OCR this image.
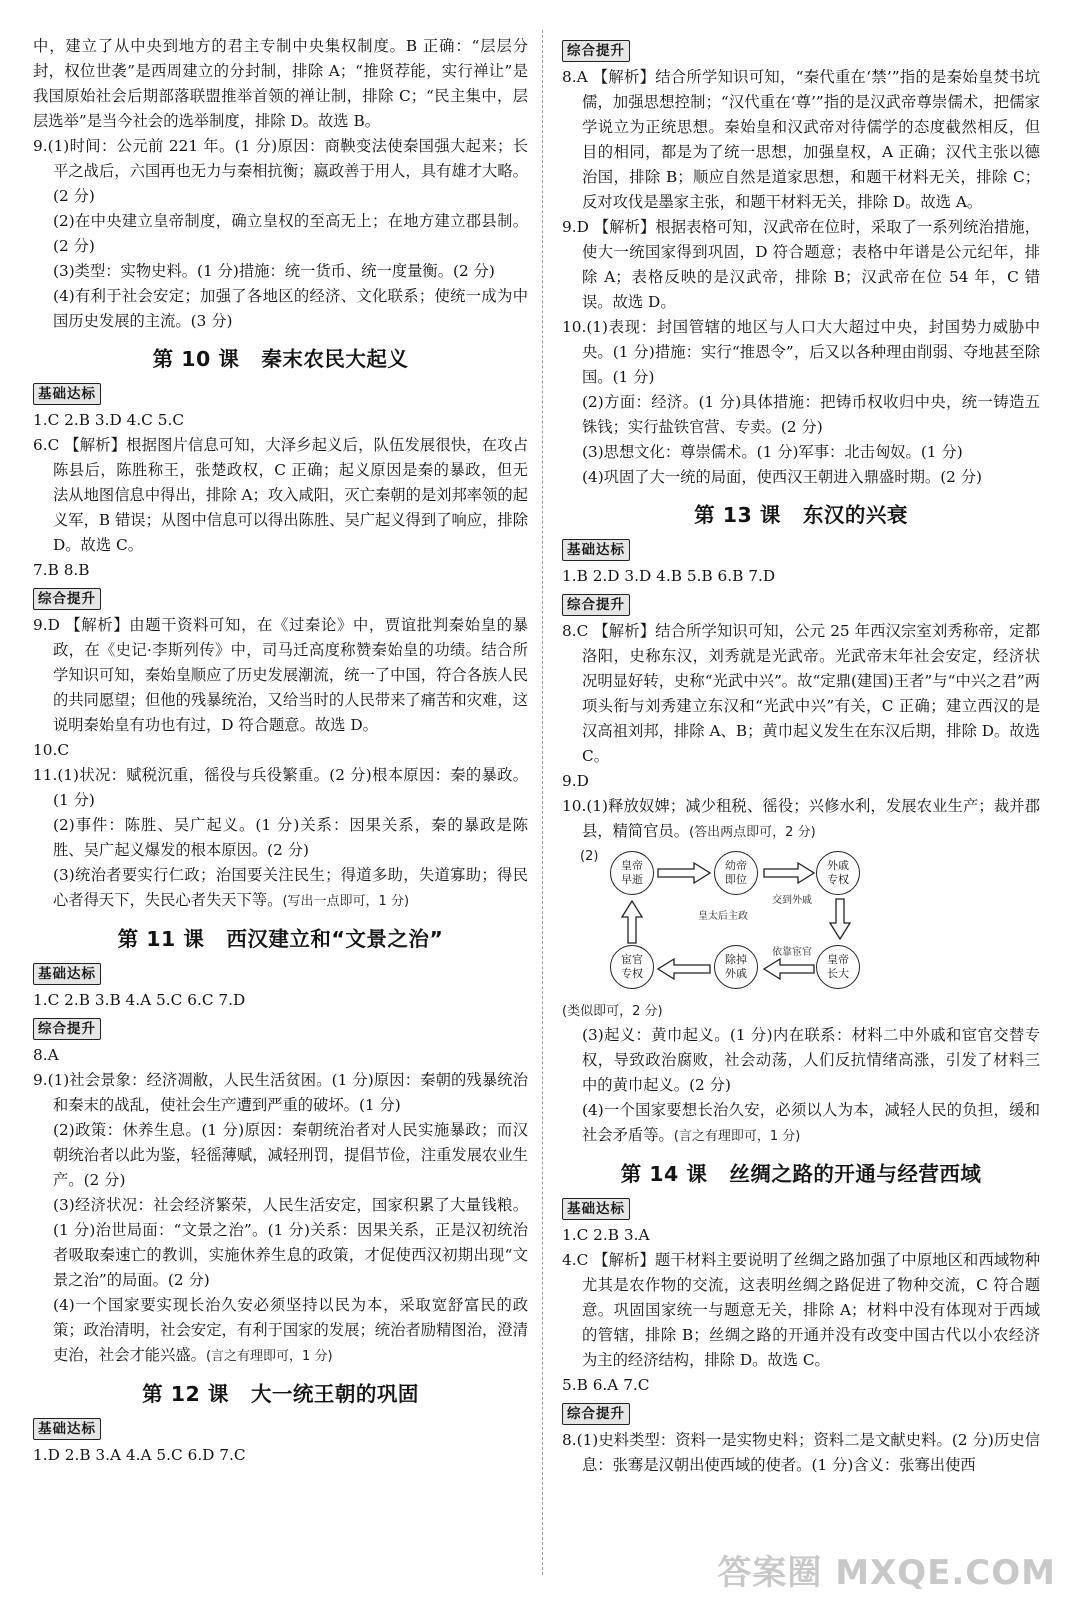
中，建立了从中央到地方的君主专制中央集权制度。B 正确：“层层分封，权位世袭”是西周建立的分封制，排除 A；“推贤荐能，实行禅让”是我国原始社会后期部落联盟推举首领的禅让制，排除 C；“民主集中，层层选举”是当今社会的选举制度，排除 D。故选 B。

9.(1)时间：公元前 221 年。(1 分)原因：商鞅变法使秦国强大起来；长平之战后，六国再也无力与秦相抗衡；嬴政善于用人，具有雄才大略。(2 分)

(2)在中央建立皇帝制度，确立皇权的至高无上；在地方建立郡县制。(2 分)

(3)类型：实物史料。(1 分)措施：统一货币、统一度量衡。(2 分)

(4)有利于社会安定；加强了各地区的经济、文化联系；使统一成为中国历史发展的主流。(3 分)

第 10 课 秦末农民大起义
基础达标

1.C 2.B 3.D 4.C 5.C

6.C 【解析】根据图片信息可知，大泽乡起义后，队伍发展很快，在攻占陈县后，陈胜称王，张楚政权，C 正确；起义原因是秦的暴政，但无法从地图信息中得出，排除 A；攻入咸阳，灭亡秦朝的是刘邦率领的起义军，B 错误；从图中信息可以得出陈胜、吴广起义得到了响应，排除 D。故选 C。

7.B 8.B

综合提升

9.D 【解析】由题干资料可知，在《过秦论》中，贾谊批判秦始皇的暴政，在《史记·李斯列传》中，司马迁高度称赞秦始皇的功绩。结合所学知识可知，秦始皇顺应了历史发展潮流，统一了中国，符合各族人民的共同愿望；但他的残暴统治，又给当时的人民带来了痛苦和灾难，这说明秦始皇有功也有过，D 符合题意。故选 D。

10.C

11.(1)状况：赋税沉重，徭役与兵役繁重。(2 分)根本原因：秦的暴政。(1 分)

(2)事件：陈胜、吴广起义。(1 分)关系：因果关系，秦的暴政是陈胜、吴广起义爆发的根本原因。(2 分)

(3)统治者要实行仁政；治国要关注民生；得道多助，失道寡助；得民心者得天下，失民心者失天下等。(写出一点即可，1 分)

第 11 课 西汉建立和“文景之治”
基础达标

1.C 2.B 3.B 4.A 5.C 6.C 7.D

综合提升

8.A

9.(1)社会景象：经济凋敝，人民生活贫困。(1 分)原因：秦朝的残暴统治和秦末的战乱，使社会生产遭到严重的破坏。(1 分)

(2)政策：休养生息。(1 分)原因：秦朝统治者对人民实施暴政；而汉朝统治者以此为鉴，轻徭薄赋，减轻刑罚，提倡节俭，注重发展农业生产。(2 分)

(3)经济状况：社会经济繁荣，人民生活安定，国家积累了大量钱粮。(1 分)治世局面：“文景之治”。(1 分)关系：因果关系，正是汉初统治者吸取秦速亡的教训，实施休养生息的政策，才促使西汉初期出现“文景之治”的局面。(2 分)

(4)一个国家要实现长治久安必须坚持以民为本，采取宽舒富民的政策；政治清明，社会安定，有利于国家的发展；统治者励精图治，澄清吏治，社会才能兴盛。(言之有理即可，1 分)

第 12 课 大一统王朝的巩固
基础达标

1.D 2.B 3.A 4.A 5.C 6.D 7.C

综合提升

8.A 【解析】结合所学知识可知，“秦代重在‘禁’”指的是秦始皇焚书坑儒，加强思想控制；“汉代重在‘尊’”指的是汉武帝尊崇儒术，把儒家学说立为正统思想。秦始皇和汉武帝对待儒学的态度截然相反，但目的相同，都是为了统一思想，加强皇权，A 正确；汉代主张以德治国，排除 B；顺应自然是道家思想，和题干材料无关，排除 C；反对攻伐是墨家主张，和题干材料无关，排除 D。故选 A。

9.D 【解析】根据表格可知，汉武帝在位时，采取了一系列统治措施，使大一统国家得到巩固，D 符合题意；表格中年谱是公元纪年，排除 A；表格反映的是汉武帝，排除 B；汉武帝在位 54 年，C 错误。故选 D。

10.(1)表现：封国管辖的地区与人口大大超过中央，封国势力威胁中央。(1 分)措施：实行“推恩令”，后又以各种理由削弱、夺地甚至除国。(1 分)

(2)方面：经济。(1 分)具体措施：把铸币权收归中央，统一铸造五铢钱；实行盐铁官营、专卖。(2 分)

(3)思想文化：尊崇儒术。(1 分)军事：北击匈奴。(1 分)

(4)巩固了大一统的局面，使西汉王朝进入鼎盛时期。(2 分)

第 13 课 东汉的兴衰
基础达标

1.B 2.D 3.D 4.B 5.B 6.B 7.D

综合提升

8.C 【解析】结合所学知识可知，公元 25 年西汉宗室刘秀称帝，定都洛阳，史称东汉，刘秀就是光武帝。光武帝末年社会安定，经济状况明显好转，史称“光武中兴”。故“定鼎(建国)王者”与“中兴之君”两项头衔与刘秀建立东汉和“光武中兴”有关，C 正确；建立西汉的是汉高祖刘邦，排除 A、B；黄巾起义发生在东汉后期，排除 D。故选 C。

9.D

10.(1)释放奴婢；减少租税、徭役；兴修水利，发展农业生产；裁并郡县，精简官员。(答出两点即可，2 分)

(2)
皇帝早逝
幼帝即位
外戚专权
皇帝长大
除掉外戚
宦官专权
皇太后主政
交到外戚
依靠宦官

(类似即可，2 分)

(3)起义：黄巾起义。(1 分)内在联系：材料二中外戚和宦官交替专权，导致政治腐败，社会动荡，人们反抗情绪高涨，引发了材料三中的黄巾起义。(2 分)

(4)一个国家要想长治久安，必须以人为本，减轻人民的负担，缓和社会矛盾等。(言之有理即可，1 分)

第 14 课 丝绸之路的开通与经营西域
基础达标

1.C 2.B 3.A

4.C 【解析】题干材料主要说明了丝绸之路加强了中原地区和西域物种尤其是农作物的交流，这表明丝绸之路促进了物种交流，C 符合题意。巩固国家统一与题意无关，排除 A；材料中没有体现对于西域的管辖，排除 B；丝绸之路的开通并没有改变中国古代以小农经济为主的经济结构，排除 D。故选 C。

5.B 6.A 7.C

综合提升

8.(1)史料类型：资料一是实物史料；资料二是文献史料。(2 分)历史信息：张骞是汉朝出使西域的使者。(1 分)含义：张骞出使西

答案圈 MXQE.COM
